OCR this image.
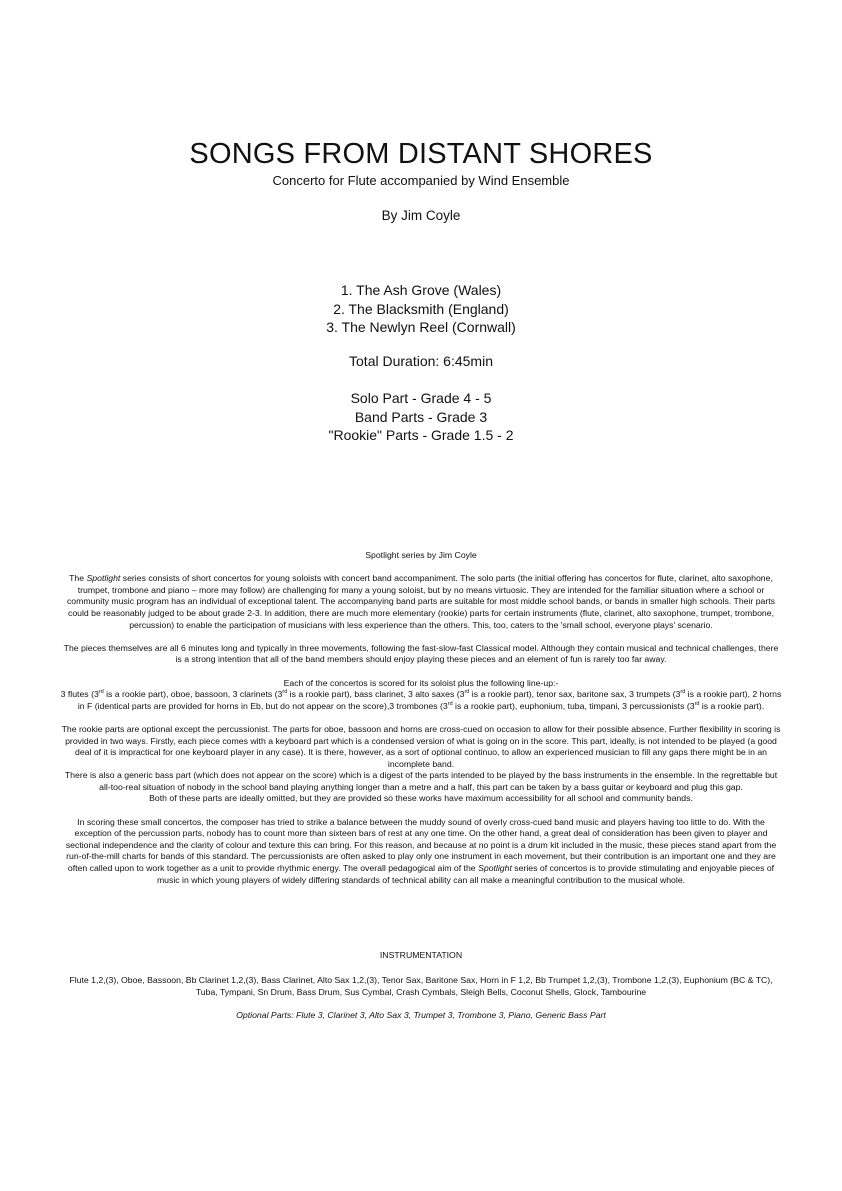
SONGS FROM DISTANT SHORES
Concerto for Flute accompanied by Wind Ensemble
By Jim Coyle
1. The Ash Grove (Wales)
2. The Blacksmith (England)
3. The Newlyn Reel (Cornwall)
Total Duration: 6:45min
Solo Part - Grade 4 - 5
Band Parts - Grade 3
"Rookie" Parts - Grade 1.5 - 2

Spotlight series by Jim Coyle

The Spotlight series consists of short concertos for young soloists with concert band accompaniment. The solo parts (the initial offering has concertos for flute, clarinet, alto saxophone, trumpet, trombone and piano – more may follow) are challenging for many a young soloist, but by no means virtuosic. They are intended for the familiar situation where a school or community music program has an individual of exceptional talent. The accompanying band parts are suitable for most middle school bands, or bands in smaller high schools. Their parts could be reasonably judged to be about grade 2-3. In addition, there are much more elementary (rookie) parts for certain instruments (flute, clarinet, alto saxophone, trumpet, trombone, percussion) to enable the participation of musicians with less experience than the others. This, too, caters to the 'small school, everyone plays' scenario.

The pieces themselves are all 6 minutes long and typically in three movements, following the fast-slow-fast Classical model. Although they contain musical and technical challenges, there is a strong intention that all of the band members should enjoy playing these pieces and an element of fun is rarely too far away.

Each of the concertos is scored for its soloist plus the following line-up:-
3 flutes (3rd is a rookie part), oboe, bassoon, 3 clarinets (3rd is a rookie part), bass clarinet, 3 alto saxes (3rd is a rookie part), tenor sax, baritone sax, 3 trumpets (3rd is a rookie part), 2 horns in F (identical parts are provided for horns in Eb, but do not appear on the score),3 trombones (3rd is a rookie part), euphonium, tuba, timpani, 3 percussionists (3rd is a rookie part).

The rookie parts are optional except the percussionist. The parts for oboe, bassoon and horns are cross-cued on occasion to allow for their possible absence. Further flexibility in scoring is provided in two ways. Firstly, each piece comes with a keyboard part which is a condensed version of what is going on in the score. This part, ideally, is not intended to be played (a good deal of it is impractical for one keyboard player in any case). It is there, however, as a sort of optional continuo, to allow an experienced musician to fill any gaps there might be in an incomplete band.
There is also a generic bass part (which does not appear on the score) which is a digest of the parts intended to be played by the bass instruments in the ensemble. In the regrettable but all-too-real situation of nobody in the school band playing anything longer than a metre and a half, this part can be taken by a bass guitar or keyboard and plug this gap.
Both of these parts are ideally omitted, but they are provided so these works have maximum accessibility for all school and community bands.

In scoring these small concertos, the composer has tried to strike a balance between the muddy sound of overly cross-cued band music and players having too little to do. With the exception of the percussion parts, nobody has to count more than sixteen bars of rest at any one time. On the other hand, a great deal of consideration has been given to player and sectional independence and the clarity of colour and texture this can bring. For this reason, and because at no point is a drum kit included in the music, these pieces stand apart from the run-of-the-mill charts for bands of this standard. The percussionists are often asked to play only one instrument in each movement, but their contribution is an important one and they are often called upon to work together as a unit to provide rhythmic energy. The overall pedagogical aim of the Spotlight series of concertos is to provide stimulating and enjoyable pieces of music in which young players of widely differing standards of technical ability can all make a meaningful contribution to the musical whole.

INSTRUMENTATION
Flute 1,2,(3), Oboe, Bassoon, Bb Clarinet 1,2,(3), Bass Clarinet, Alto Sax 1,2,(3), Tenor Sax, Baritone Sax, Horn in F 1,2, Bb Trumpet 1,2,(3), Trombone 1,2,(3), Euphonium (BC & TC), Tuba, Tympani, Sn Drum, Bass Drum, Sus Cymbal, Crash Cymbals, Sleigh Bells, Coconut Shells, Glock, Tambourine
Optional Parts: Flute 3, Clarinet 3, Alto Sax 3, Trumpet 3, Trombone 3, Piano, Generic Bass Part
